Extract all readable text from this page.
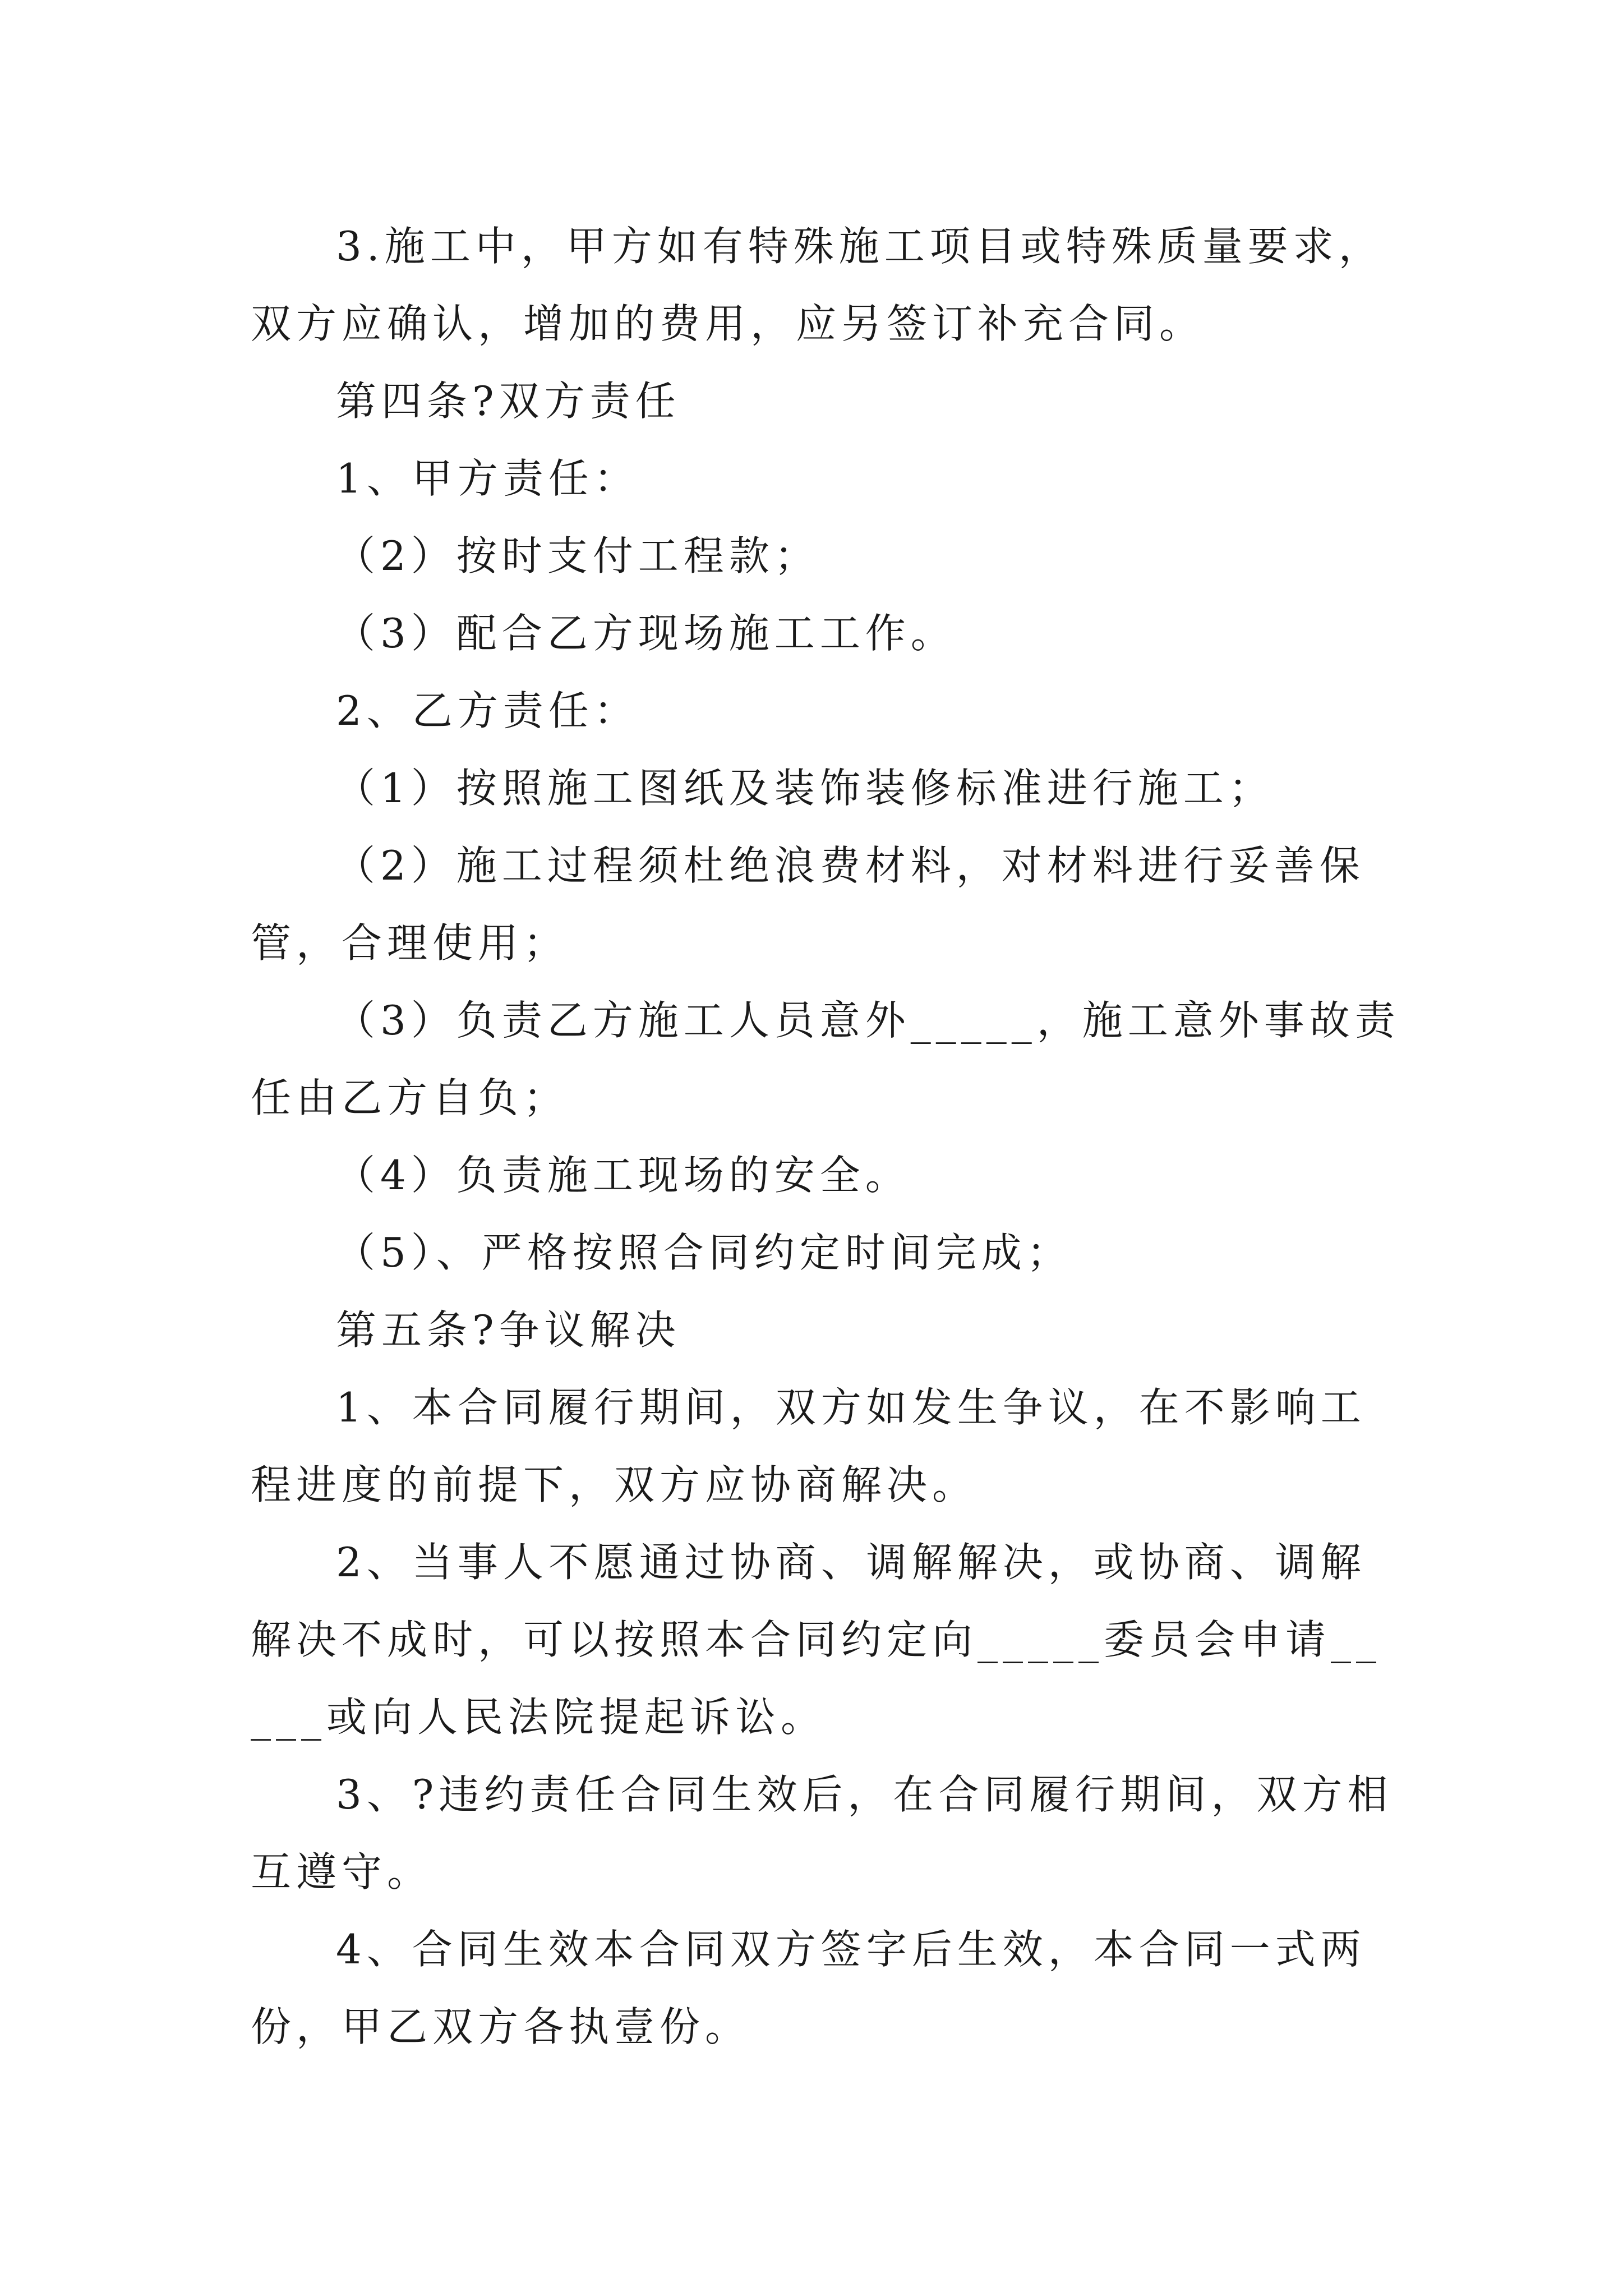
3.施工中，甲方如有特殊施工项目或特殊质量要求，双方应确认，增加的费用，应另签订补充合同。

第四条?双方责任

1、甲方责任：

（2）按时支付工程款；

（3）配合乙方现场施工工作。

2、乙方责任：

（1）按照施工图纸及装饰装修标准进行施工；

（2）施工过程须杜绝浪费材料，对材料进行妥善保管，合理使用；

（3）负责乙方施工人员意外_____，施工意外事故责任由乙方自负；

（4）负责施工现场的安全。

（5）、严格按照合同约定时间完成；

第五条?争议解决

1、本合同履行期间，双方如发生争议，在不影响工程进度的前提下，双方应协商解决。

2、当事人不愿通过协商、调解解决，或协商、调解解决不成时，可以按照本合同约定向_____委员会申请_____或向人民法院提起诉讼。

3、?违约责任合同生效后，在合同履行期间，双方相互遵守。

4、合同生效本合同双方签字后生效，本合同一式两份，甲乙双方各执壹份。
